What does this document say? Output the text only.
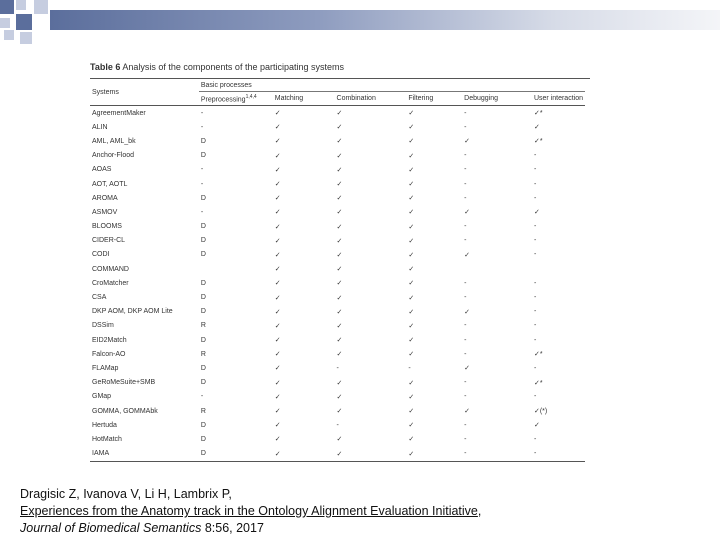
Table 6 Analysis of the components of the participating systems
Systems	Basic processes					
	Preprocessing$^{1,4,4}$	Matching	Combination	Filtering	Debugging	User interaction
AgreementMaker	-	✓	✓	✓	-	✓*
ALIN	-	✓	✓	✓	-	✓
AML, AML_bk	D	✓	✓	✓	✓	✓*
Anchor-Flood	D	✓	✓	✓	-	-
AOAS	-	✓	✓	✓	-	-
AOT, AOTL	-	✓	✓	✓	-	-
AROMA	D	✓	✓	✓	-	-
ASMOV	-	✓	✓	✓	✓	✓
BLOOMS	D	✓	✓	✓	-	-
CIDER-CL	D	✓	✓	✓	-	-
CODI	D	✓	✓	✓	✓	-
COMMAND		✓	✓	✓		
CroMatcher	D	✓	✓	✓	-	-
CSA	D	✓	✓	✓	-	-
DKP AOM, DKP AOM Lite	D	✓	✓	✓	✓	-
DSSim	R	✓	✓	✓	-	-
EID2Match	D	✓	✓	✓	-	-
Falcon-AO	R	✓	✓	✓	-	✓*
FLAMap	D	✓	-	-	✓	-
GeRoMeSuite+SMB	D	✓	✓	✓	-	✓*
GMap	-	✓	✓	✓	-	-
GOMMA, GOMMAbk	R	✓	✓	✓	✓	✓(*)
Hertuda	D	✓	-	✓	-	✓
HotMatch	D	✓	✓	✓	-	-
IAMA	D	✓	✓	✓	-	-
Dragisic Z, Ivanova V, Li H, Lambrix P,
Experiences from the Anatomy track in the Ontology Alignment Evaluation Initiative,
Journal of Biomedical Semantics 8:56, 2017
